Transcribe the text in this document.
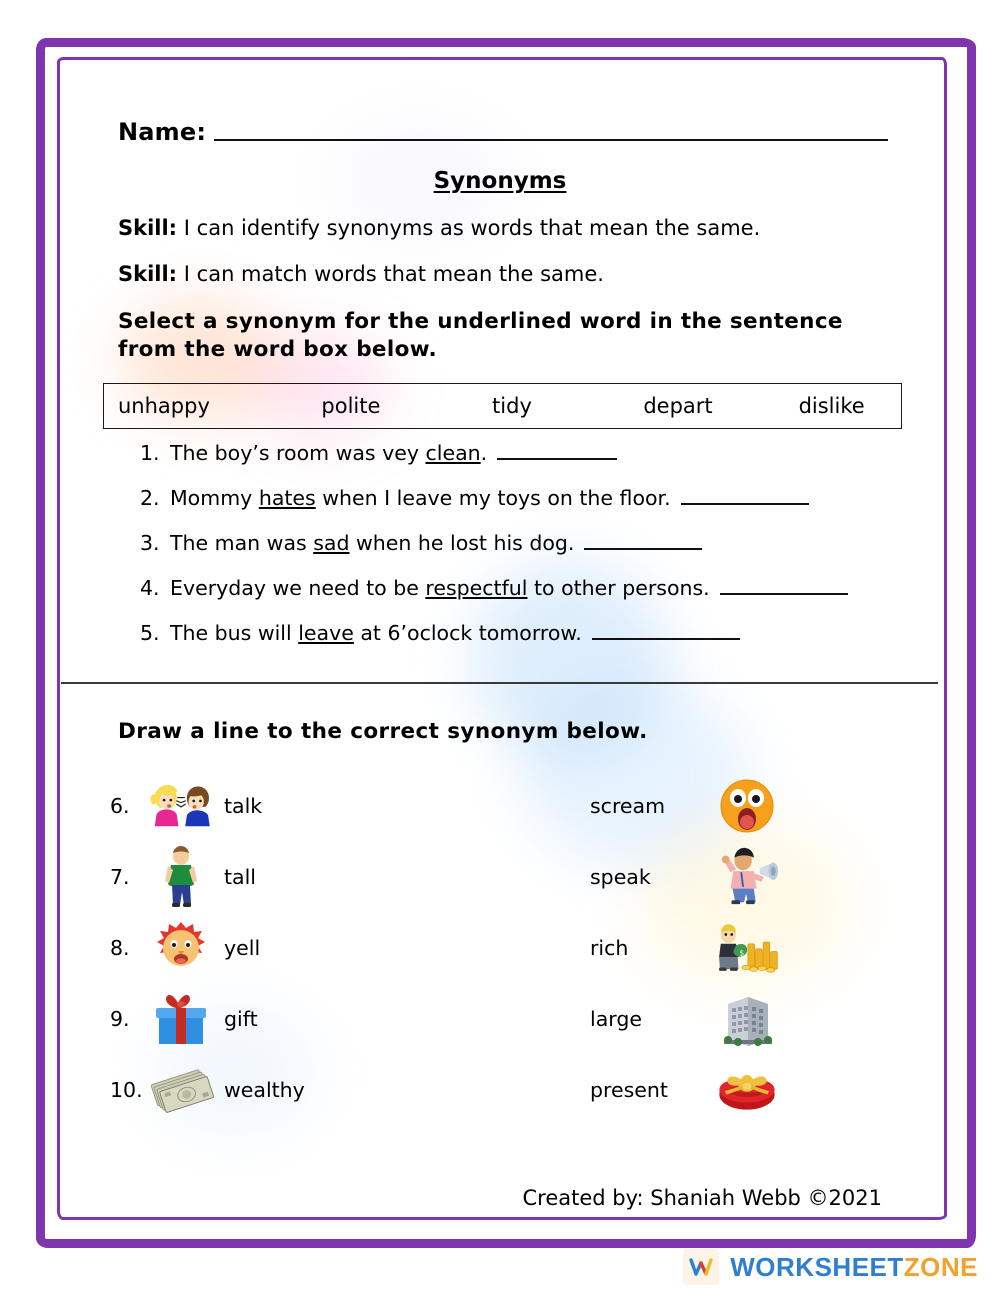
Name:
Synonyms
Skill: I can identify synonyms as words that mean the same.
Skill: I can match words that mean the same.
Select a synonym for the underlined word in the sentence from the word box below.
unhappy	polite	tidy	depart	dislike
1. The boy’s room was vey clean.
2. Mommy hates when I leave my toys on the floor.
3. The man was sad when he lost his dog.
4. Everyday we need to be respectful to other persons.
5. The bus will leave at 6’oclock tomorrow.
Draw a line to the correct synonym below.
6.	talk	scream
7.	tall	speak
8.	yell	rich	$
9.	gift	large
10.	wealthy	present
Created by: Shaniah Webb ©2021
WORKSHEETZONE
